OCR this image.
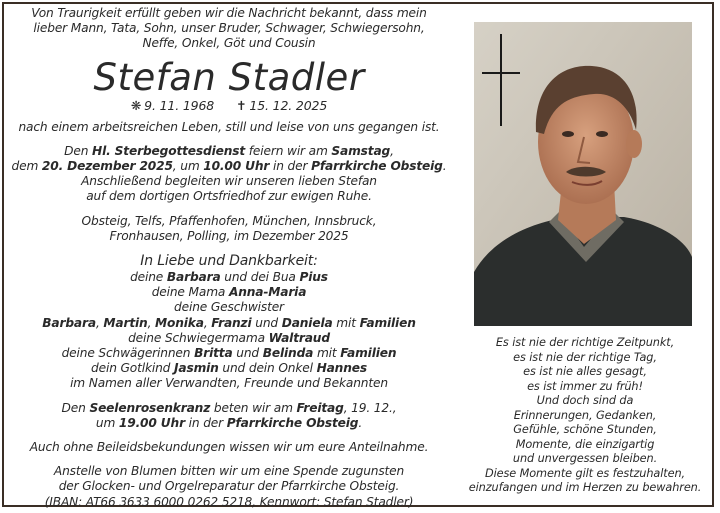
Von Traurigkeit erfüllt geben wir die Nachricht bekannt, dass mein

lieber Mann, Tata, Sohn, unser Bruder, Schwager, Schwiegersohn,

Neffe, Onkel, Göt und Cousin

Stefan Stadler
❋ 9. 11. 1968 ✝ 15. 12. 2025

nach einem arbeitsreichen Leben, still und leise von uns gegangen ist.

Den Hl. Sterbegottesdienst feiern wir am Samstag,

dem 20. Dezember 2025, um 10.00 Uhr in der Pfarrkirche Obsteig.

Anschließend begleiten wir unseren lieben Stefan

auf dem dortigen Ortsfriedhof zur ewigen Ruhe.

Obsteig, Telfs, Pfaffenhofen, München, Innsbruck,

Fronhausen, Polling, im Dezember 2025

In Liebe und Dankbarkeit:

deine Barbara und dei Bua Pius

deine Mama Anna-Maria

deine Geschwister

Barbara, Martin, Monika, Franzi und Daniela mit Familien

deine Schwiegermama Waltraud

deine Schwägerinnen Britta und Belinda mit Familien

dein Gotlkind Jasmin und dein Onkel Hannes

im Namen aller Verwandten, Freunde und Bekannten

Den Seelenrosenkranz beten wir am Freitag, 19. 12.,

um 19.00 Uhr in der Pfarrkirche Obsteig.

Auch ohne Beileidsbekundungen wissen wir um eure Anteilnahme.

Anstelle von Blumen bitten wir um eine Spende zugunsten

der Glocken- und Orgelreparatur der Pfarrkirche Obsteig.

(IBAN: AT66 3633 6000 0262 5218, Kennwort: Stefan Stadler)

Es ist nie der richtige Zeitpunkt,

es ist nie der richtige Tag,

es ist nie alles gesagt,

es ist immer zu früh!

Und doch sind da

Erinnerungen, Gedanken,

Gefühle, schöne Stunden,

Momente, die einzigartig

und unvergessen bleiben.

Diese Momente gilt es festzuhalten,

einzufangen und im Herzen zu bewahren.
